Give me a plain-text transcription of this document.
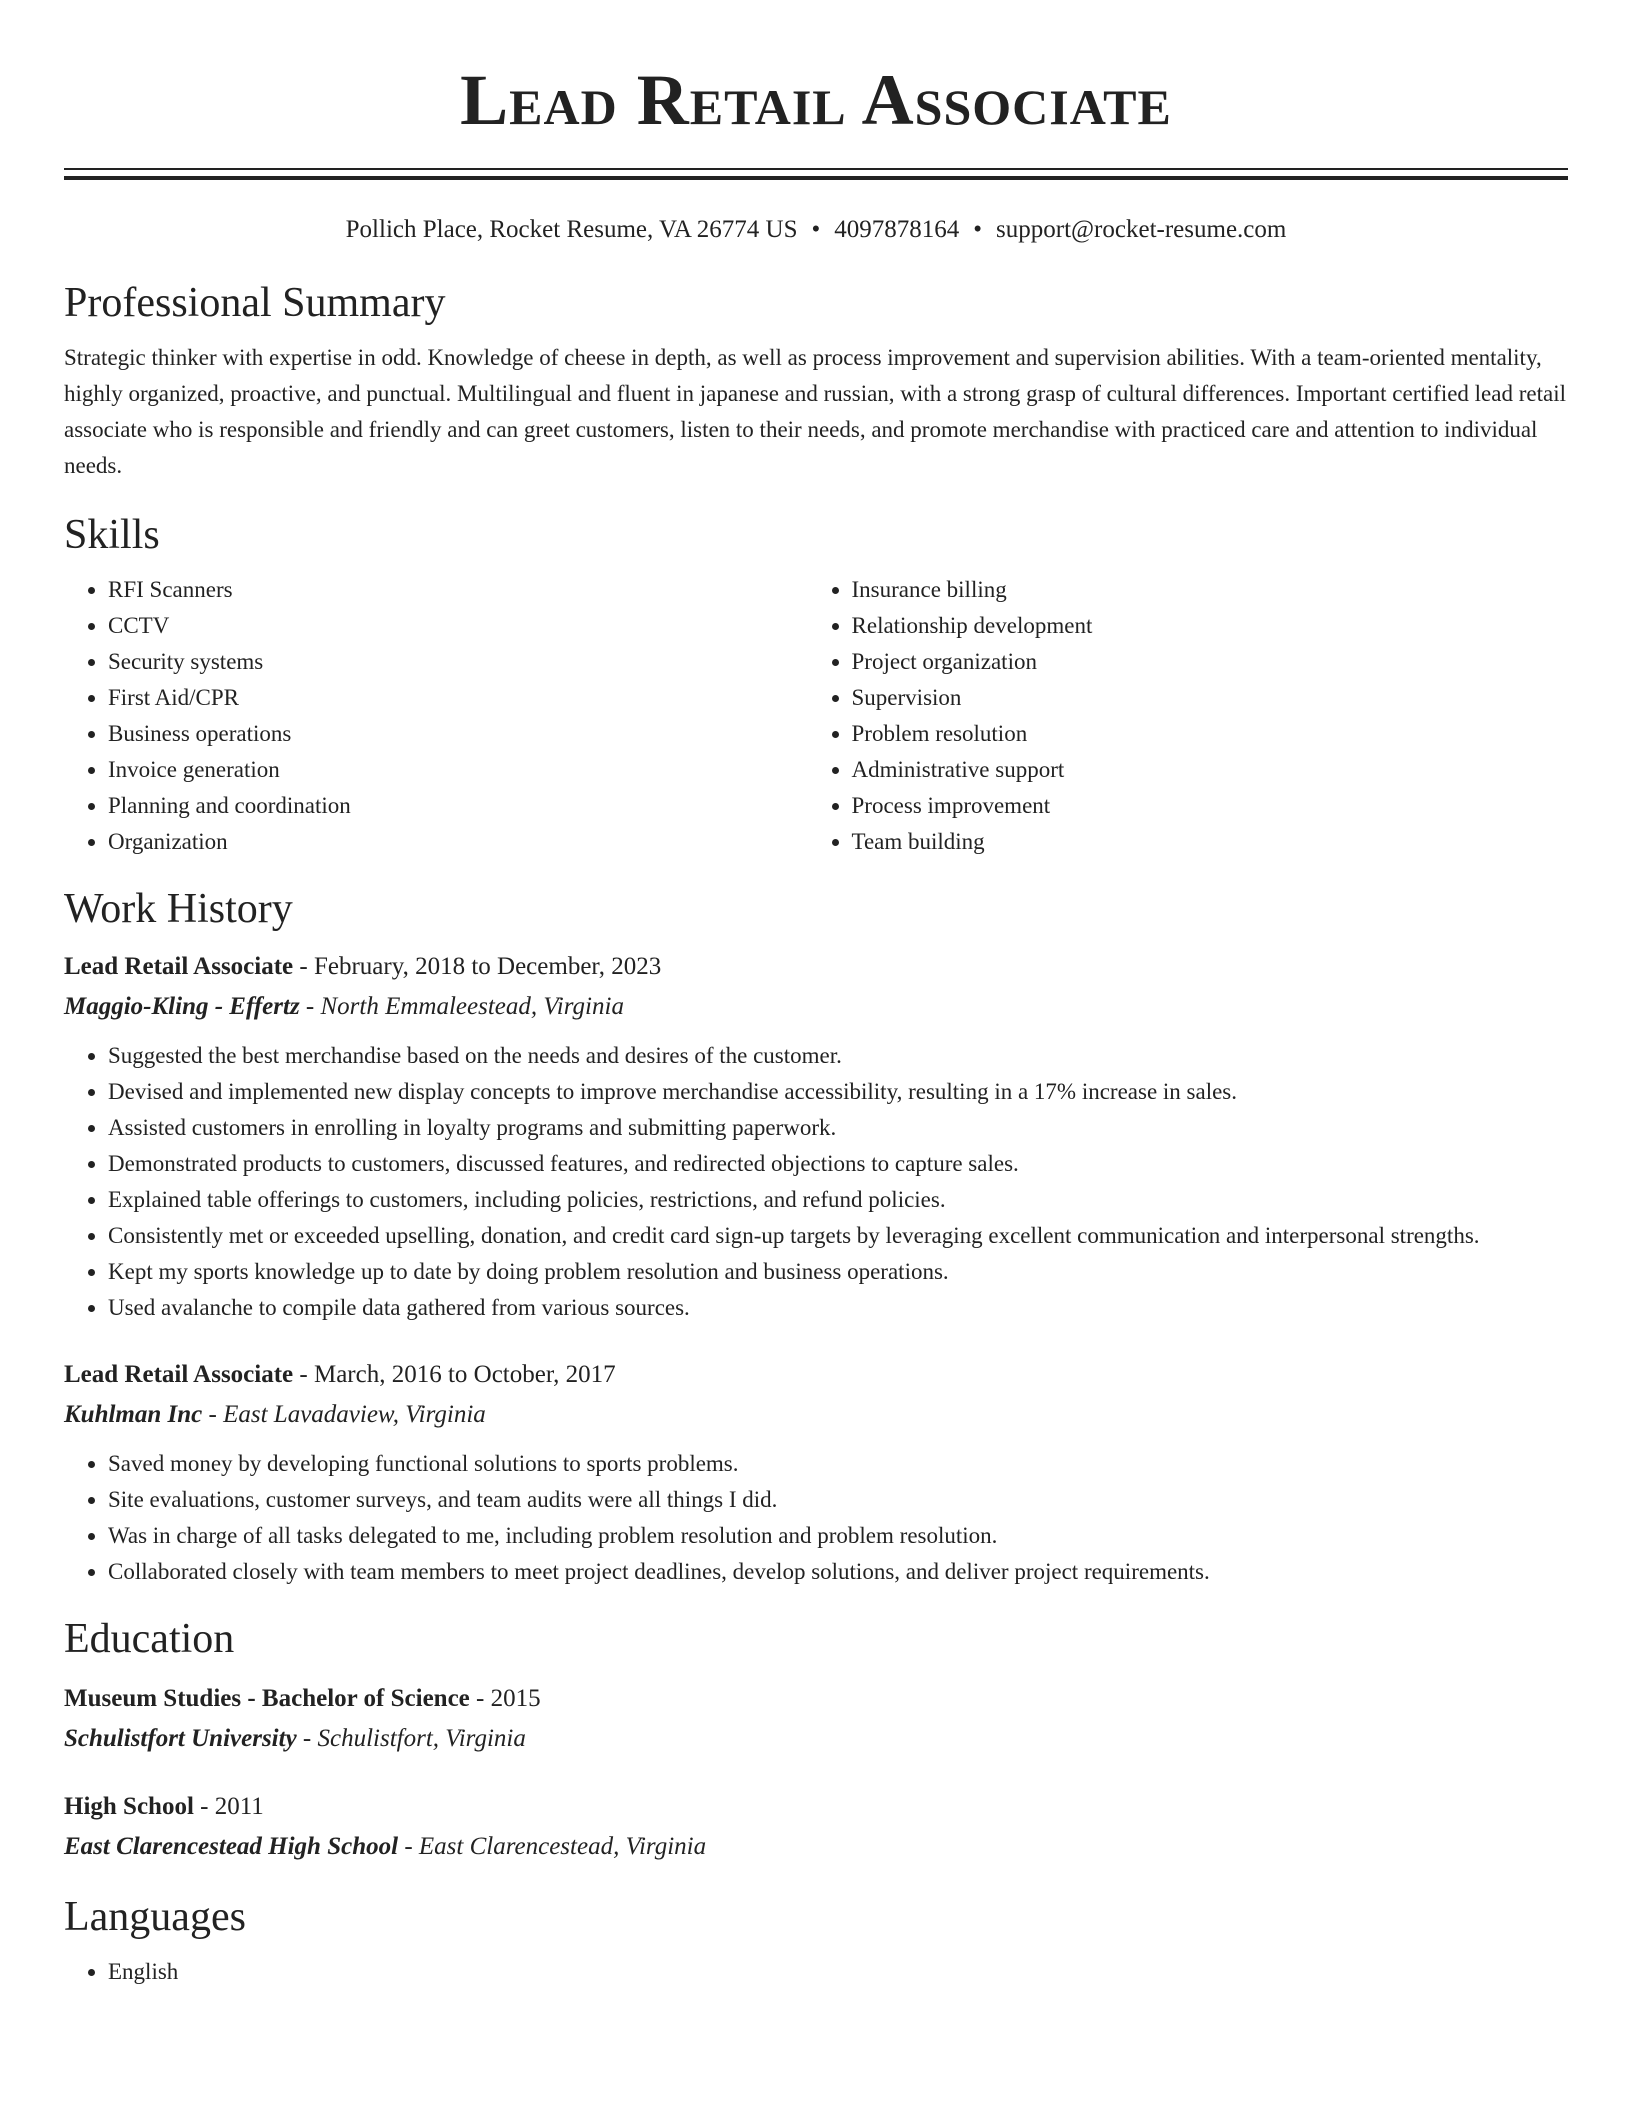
Lead Retail Associate
Pollich Place, Rocket Resume, VA 26774 US • 4097878164 • support@rocket-resume.com
Professional Summary

Strategic thinker with expertise in odd. Knowledge of cheese in depth, as well as process improvement and supervision abilities. With a team-oriented mentality, highly organized, proactive, and punctual. Multilingual and fluent in japanese and russian, with a strong grasp of cultural differences. Important certified lead retail associate who is responsible and friendly and can greet customers, listen to their needs, and promote merchandise with practiced care and attention to individual needs.

Skills
• RFI Scanners
• CCTV
• Security systems
• First Aid/CPR
• Business operations
• Invoice generation
• Planning and coordination
• Organization
• Insurance billing
• Relationship development
• Project organization
• Supervision
• Problem resolution
• Administrative support
• Process improvement
• Team building
Work History
Lead Retail Associate - February, 2018 to December, 2023
Maggio-Kling - Effertz - North Emmaleestead, Virginia
• Suggested the best merchandise based on the needs and desires of the customer.
• Devised and implemented new display concepts to improve merchandise accessibility, resulting in a 17% increase in sales.
• Assisted customers in enrolling in loyalty programs and submitting paperwork.
• Demonstrated products to customers, discussed features, and redirected objections to capture sales.
• Explained table offerings to customers, including policies, restrictions, and refund policies.
• Consistently met or exceeded upselling, donation, and credit card sign-up targets by leveraging excellent communication and interpersonal strengths.
• Kept my sports knowledge up to date by doing problem resolution and business operations.
• Used avalanche to compile data gathered from various sources.
Lead Retail Associate - March, 2016 to October, 2017
Kuhlman Inc - East Lavadaview, Virginia
• Saved money by developing functional solutions to sports problems.
• Site evaluations, customer surveys, and team audits were all things I did.
• Was in charge of all tasks delegated to me, including problem resolution and problem resolution.
• Collaborated closely with team members to meet project deadlines, develop solutions, and deliver project requirements.
Education
Museum Studies - Bachelor of Science - 2015
Schulistfort University - Schulistfort, Virginia
High School - 2011
East Clarencestead High School - East Clarencestead, Virginia
Languages
• English
